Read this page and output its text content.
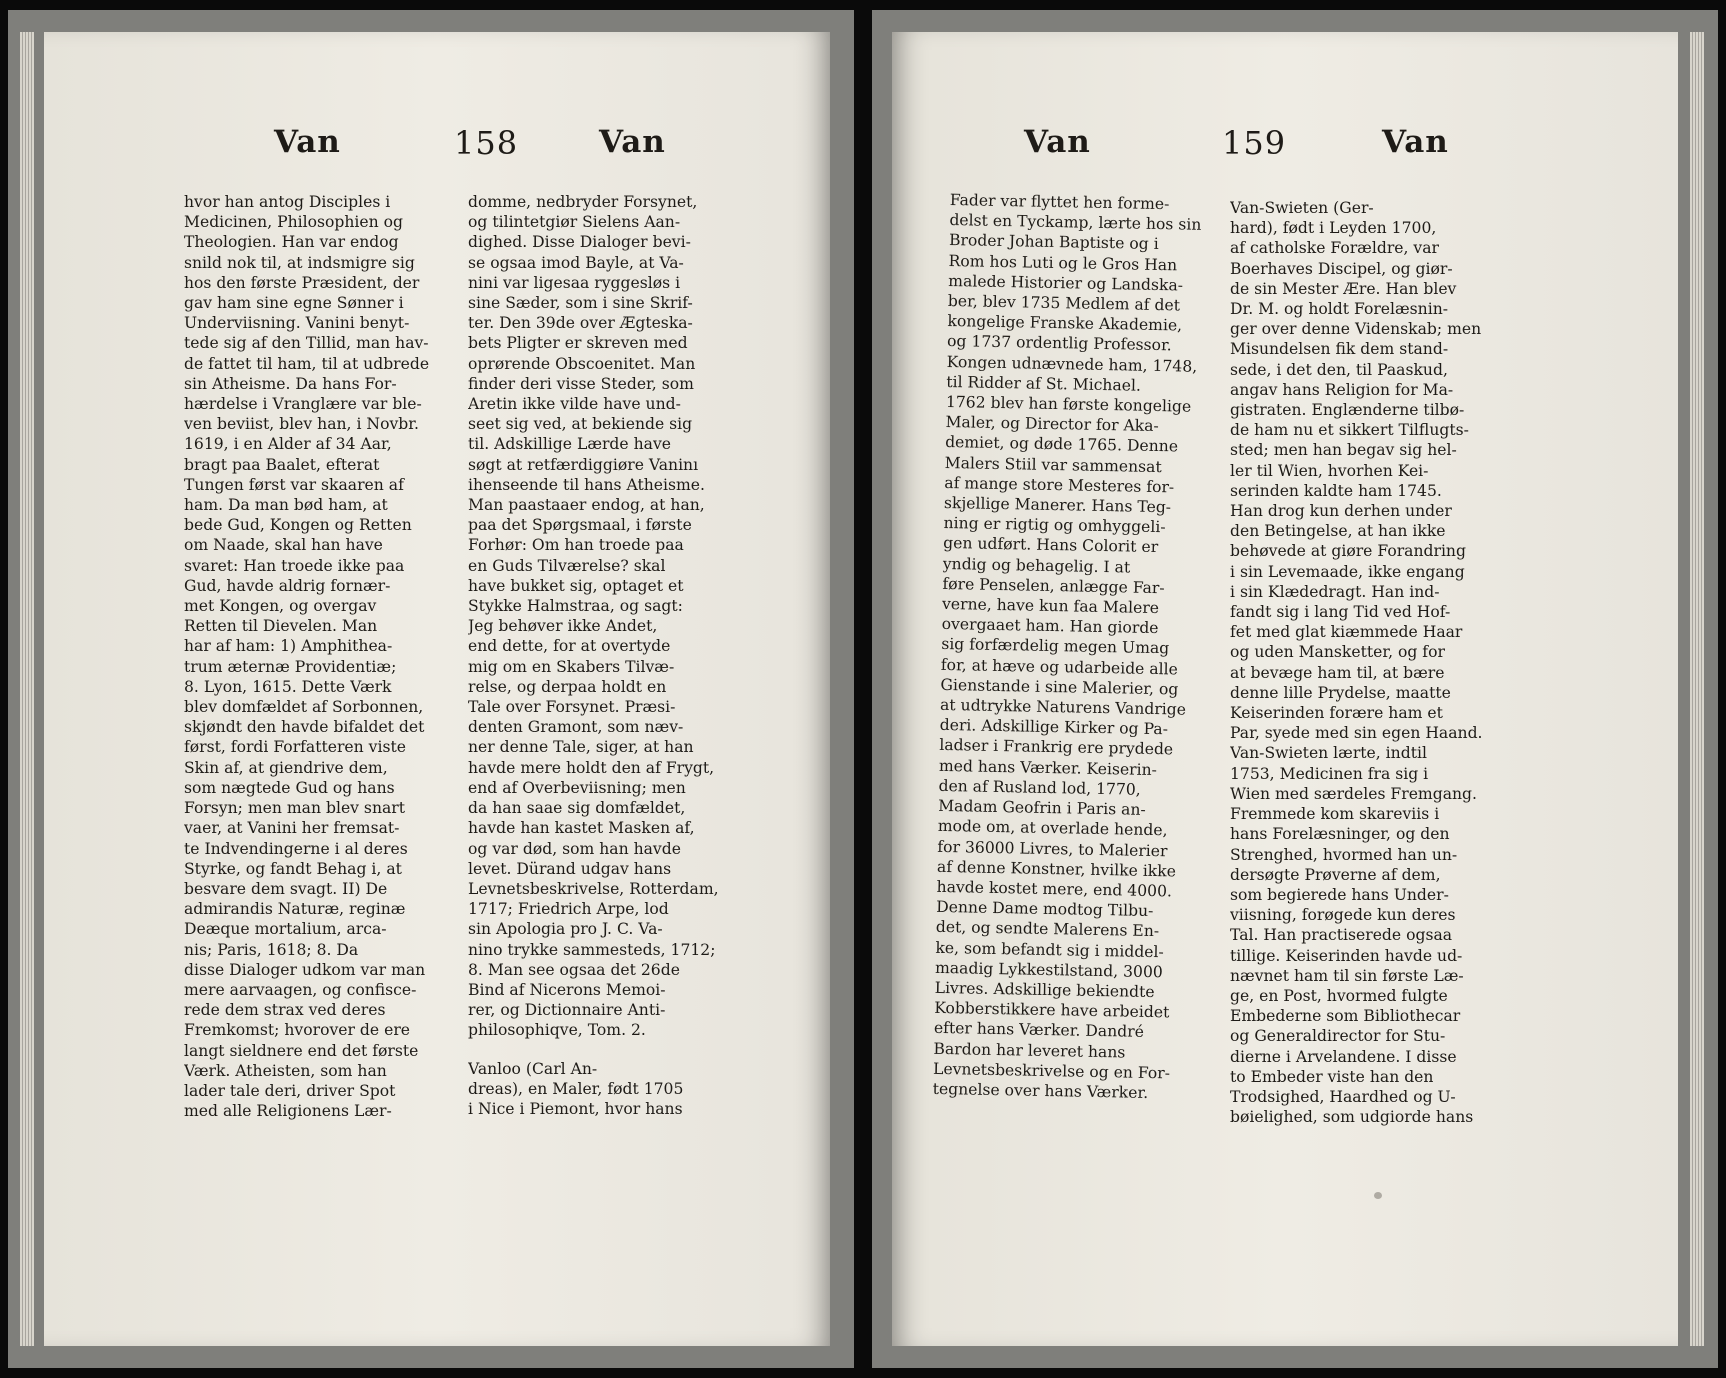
Van	158	Van
hvor han antog Disciples i
Medicinen, Philosophien og
Theologien. Han var endog
snild nok til, at indsmigre sig
hos den første Præsident, der
gav ham sine egne Sønner i
Underviisning. Vanini benyt-
tede sig af den Tillid, man hav-
de fattet til ham, til at udbrede
sin Atheisme. Da hans For-
hærdelse i Vranglære var ble-
ven beviist, blev han, i Novbr.
1619, i en Alder af 34 Aar,
bragt paa Baalet, efterat
Tungen først var skaaren af
ham. Da man bød ham, at
bede Gud, Kongen og Retten
om Naade, skal han have
svaret: Han troede ikke paa
Gud, havde aldrig fornær-
met Kongen, og overgav
Retten til Dievelen. Man
har af ham: 1) Amphithea-
trum æternæ Providentiæ;
8. Lyon, 1615. Dette Værk
blev domfældet af Sorbonnen,
skjøndt den havde bifaldet det
først, fordi Forfatteren viste
Skin af, at giendrive dem,
som nægtede Gud og hans
Forsyn; men man blev snart
vaer, at Vanini her fremsat-
te Indvendingerne i al deres
Styrke, og fandt Behag i, at
besvare dem svagt. II) De
admirandis Naturæ, reginæ
Deæque mortalium, arca-
nis; Paris, 1618; 8. Da
disse Dialoger udkom var man
mere aarvaagen, og confisce-
rede dem strax ved deres
Fremkomst; hvorover de ere
langt sieldnere end det første
Værk. Atheisten, som han
lader tale deri, driver Spot
med alle Religionens Lær-
domme, nedbryder Forsynet,
og tilintetgiør Sielens Aan-
dighed. Disse Dialoger bevi-
se ogsaa imod Bayle, at Va-
nini var ligesaa ryggesløs i
sine Sæder, som i sine Skrif-
ter. Den 39de over Ægteska-
bets Pligter er skreven med
oprørende Obscoenitet. Man
finder deri visse Steder, som
Aretin ikke vilde have und-
seet sig ved, at bekiende sig
til. Adskillige Lærde have
søgt at retfærdiggiøre Vaninı
ihenseende til hans Atheisme.
Man paastaaer endog, at han,
paa det Spørgsmaal, i første
Forhør: Om han troede paa
en Guds Tilværelse? skal
have bukket sig, optaget et
Stykke Halmstraa, og sagt:
Jeg behøver ikke Andet,
end dette, for at overtyde
mig om en Skabers Tilvæ-
relse, og derpaa holdt en
Tale over Forsynet. Præsi-
denten Gramont, som næv-
ner denne Tale, siger, at han
havde mere holdt den af Frygt,
end af Overbeviisning; men
da han saae sig domfældet,
havde han kastet Masken af,
og var død, som han havde
levet. Dürand udgav hans
Levnetsbeskrivelse, Rotterdam,
1717; Friedrich Arpe, lod
sin Apologia pro J. C. Va-
nino trykke sammesteds, 1712;
8. Man see ogsaa det 26de
Bind af Nicerons Memoi-
rer, og Dictionnaire Anti-
philosophiqve, Tom. 2.
Vanloo (Carl An-
dreas), en Maler, født 1705
i Nice i Piemont, hvor hans
Van	159	Van
Fader var flyttet hen forme-
delst en Tyckamp, lærte hos sin
Broder Johan Baptiste og i
Rom hos Luti og le Gros Han
malede Historier og Landska-
ber, blev 1735 Medlem af det
kongelige Franske Akademie,
og 1737 ordentlig Professor.
Kongen udnævnede ham, 1748,
til Ridder af St. Michael.
1762 blev han første kongelige
Maler, og Director for Aka-
demiet, og døde 1765. Denne
Malers Stiil var sammensat
af mange store Mesteres for-
skjellige Manerer. Hans Teg-
ning er rigtig og omhyggeli-
gen udført. Hans Colorit er
yndig og behagelig. I at
føre Penselen, anlægge Far-
verne, have kun faa Malere
overgaaet ham. Han giorde
sig forfærdelig megen Umag
for, at hæve og udarbeide alle
Gienstande i sine Malerier, og
at udtrykke Naturens Vandrige
deri. Adskillige Kirker og Pa-
ladser i Frankrig ere prydede
med hans Værker. Keiserin-
den af Rusland lod, 1770,
Madam Geofrin i Paris an-
mode om, at overlade hende,
for 36000 Livres, to Malerier
af denne Konstner, hvilke ikke
havde kostet mere, end 4000.
Denne Dame modtog Tilbu-
det, og sendte Malerens En-
ke, som befandt sig i middel-
maadig Lykkestilstand, 3000
Livres. Adskillige bekiendte
Kobberstikkere have arbeidet
efter hans Værker. Dandré
Bardon har leveret hans
Levnetsbeskrivelse og en For-
tegnelse over hans Værker.
Van-Swieten (Ger-
hard), født i Leyden 1700,
af catholske Forældre, var
Boerhaves Discipel, og giør-
de sin Mester Ære. Han blev
Dr. M. og holdt Forelæsnin-
ger over denne Videnskab; men
Misundelsen fik dem stand-
sede, i det den, til Paaskud,
angav hans Religion for Ma-
gistraten. Englænderne tilbø-
de ham nu et sikkert Tilflugts-
sted; men han begav sig hel-
ler til Wien, hvorhen Kei-
serinden kaldte ham 1745.
Han drog kun derhen under
den Betingelse, at han ikke
behøvede at giøre Forandring
i sin Levemaade, ikke engang
i sin Klædedragt. Han ind-
fandt sig i lang Tid ved Hof-
fet med glat kiæmmede Haar
og uden Mansketter, og for
at bevæge ham til, at bære
denne lille Prydelse, maatte
Keiserinden forære ham et
Par, syede med sin egen Haand.
Van-Swieten lærte, indtil
1753, Medicinen fra sig i
Wien med særdeles Fremgang.
Fremmede kom skareviis i
hans Forelæsninger, og den
Strenghed, hvormed han un-
dersøgte Prøverne af dem,
som begierede hans Under-
viisning, forøgede kun deres
Tal. Han practiserede ogsaa
tillige. Keiserinden havde ud-
nævnet ham til sin første Læ-
ge, en Post, hvormed fulgte
Embederne som Bibliothecar
og Generaldirector for Stu-
dierne i Arvelandene. I disse
to Embeder viste han den
Trodsighed, Haardhed og U-
bøielighed, som udgiorde hans
